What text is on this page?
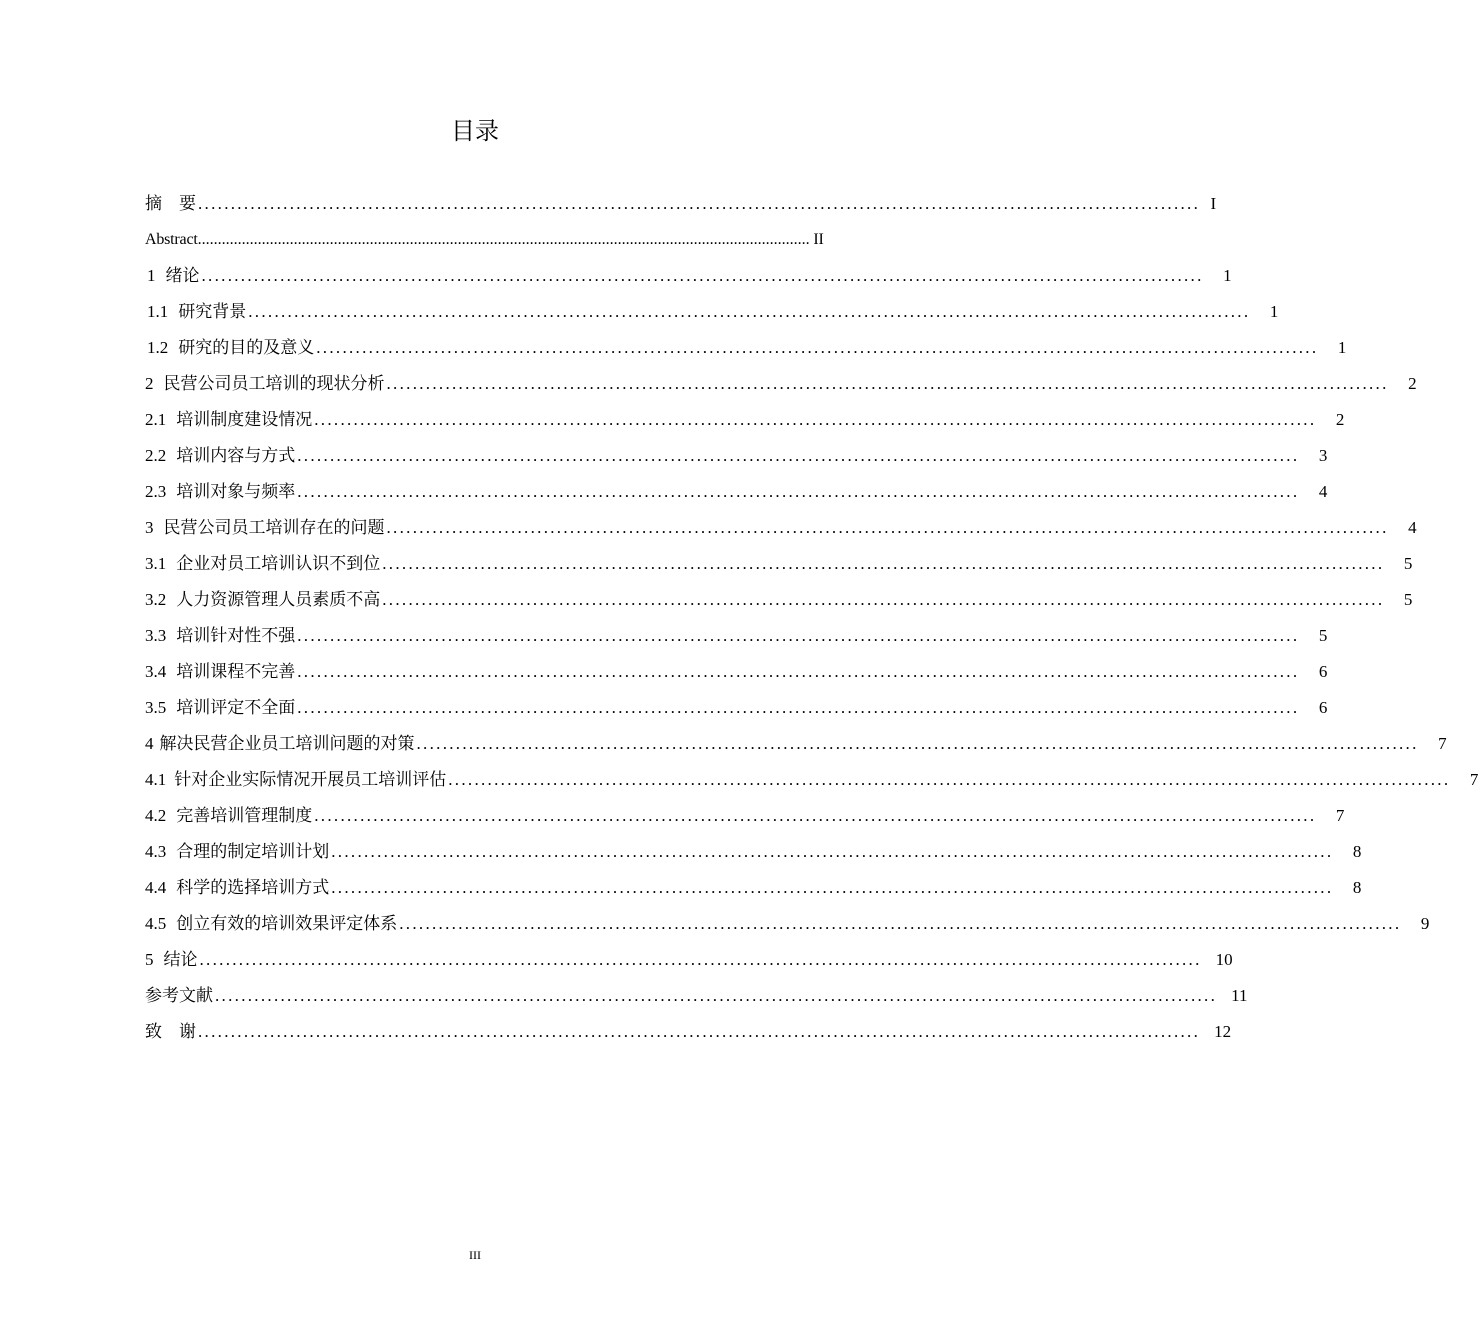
目录
摘　要 ......................................................................................................................................................... I
Abstract ......................................................................................................................................................... II
1 绪论 .........................................................................................................................................................	1
1.1 研究背景 .........................................................................................................................................................	1
1.2 研究的目的及意义 .........................................................................................................................................................	1
2 民营公司员工培训的现状分析 .........................................................................................................................................................	2
2.1 培训制度建设情况 .........................................................................................................................................................	2
2.2 培训内容与方式 .........................................................................................................................................................	3
2.3 培训对象与频率 .........................................................................................................................................................	4
3 民营公司员工培训存在的问题 .........................................................................................................................................................	4
3.1 企业对员工培训认识不到位 .........................................................................................................................................................	5
3.2 人力资源管理人员素质不高 .........................................................................................................................................................	5
3.3 培训针对性不强 .........................................................................................................................................................	5
3.4 培训课程不完善 .........................................................................................................................................................	6
3.5 培训评定不全面 .........................................................................................................................................................	6
4 解决民营企业员工培训问题的对策 .........................................................................................................................................................	7
4.1 针对企业实际情况开展员工培训评估 .........................................................................................................................................................	7
4.2 完善培训管理制度 .........................................................................................................................................................	7
4.3 合理的制定培训计划 .........................................................................................................................................................	8
4.4 科学的选择培训方式 .........................................................................................................................................................	8
4.5 创立有效的培训效果评定体系 .........................................................................................................................................................	9
5 结论 ......................................................................................................................................................... 10
参考文献 ......................................................................................................................................................... 11
致　谢 ......................................................................................................................................................... 12
III
